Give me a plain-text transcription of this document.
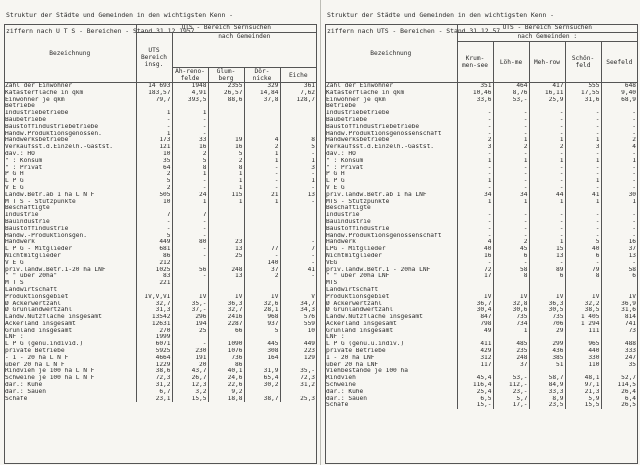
Struktur der Städte und Gemeinden in den wichtigsten Kenn -

ziffern nach U T S - Bereichen - Stand 31.12.1957

Bezeichnung	UTS - Bereich Sernsuchen				
	UTS Bereich insg.	nach Gemeinden			
		Ah-reno-felde	Glum-berg	Dör-nicke	Eiche
Zahl der Einwohner	14 693	1948	2355	329	361
Katasterfläche in qkm	183,57	4,91	26,57	14,84	7,62
Einwohner je qkm	79,7	393,5	88,6	37,8	128,7
Betriebe					
Industriebetriebe	1	1			
Baubetriebe	-	-			
Baustoffindustriebetriebe	-	-			
Handw.Produktionsgenossen.	1	-			
Handwerksbetriebe	173	33	19	4	8
Verkaufsst.d.Einzelh.-Gastst.	121	16	16	2	5
dav.: HO	10	2	5	1	-
" : Konsum	35	5	2	1	1
" : Privat	64	8	8	-	3
P G H	2	1	1	-	-
L P G	5	-	1	-	1
V E G	2	-	1	-	-
Landw.Betr.ab 1 ha L N F	505	24	115	21	13
M T S - Stützpunkte	10	1	1	1	-
Beschäftigte					
Industrie	7	7			
Bauindustrie	-	-			
Baustoffindustrie	-	-			
Handw.-Produktionsgen.	5	-			
Handwerk	449	80	23		-
L P G - Mitglieder	681	-	13	77	7
Nichtmitglieder	86	-	25	-	-
V E G	212			140	-
priv.landw.Betr.1-20 ha LNF	1025	56	248	37	41
" " über 20ha"	83	-	13	2	-
M T S	221				
Landwirtschaft					
Produktionsgebiet	IV,V,VI	IV	IV	IV	V
Ø Ackerwertzahl	32,7	35,-	36,3	32,6	34,7
Ø Grünlandwertzahl	31,3	37,-	32,7	28,1	34,3
Landw.Nutzfläche insgesamt	13542	296	2416	968	576
Ackerland insgesamt	12631	194	2287	937	559
Grünland insgesamt	270	25	66	5	10
LNF :	1999				
L P G (genu.individ.)	6071	-	1090	445	449
private Betriebe	5925	230	1076	308	223
- 1 - 20 ha L N F	4664	191	736	164	129
über 20 ha L N F	1229	20	86		
Rindvieh je 100 ha L N F	38,6	43,7	40,1	31,9	35,-
Schweine je 100 ha L N F	72,3	26,7	24,6	65,4	72,3
dar.: Kühe	31,2	12,3	22,6	30,2	31,2
dar.: Sauen	6,7	3,2	9,2		
Schafe	23,1	15,5	18,8	38,7	25,3

Struktur der Städte und Gemeinden in den wichtigsten Kenn -

ziffern nach UTS - Bereichen - Stand 31.12.57

Bezeichnung	UTS - Bereich Sernsuchen				
	nach Gemeinden :				
	Krum-men-see	Löh-me	Meh-row	Schön-feld	Seefeld
Zahl der Einwohner	351	464	417	555	648
Katasterfläche in qkm	10,46	8,76	16,11	17,55	9,40
Einwohner je qkm	33,6	53,-	25,9	31,6	68,9
Betriebe					
Industriebetriebe	-	-	-	-	-
Baubetriebe	-	-	-	-	-
Baustoffindustriebetriebe	-	-	-	-	-
Handw.Produktionsgenossenschaft	-	-	-	-	-
Handwerksbetriebe	2	1	1	1	2
Verkaufsst.d.Einzelh.-Gastst.	3	2	2	3	4
dav.: HO	-	-	-	-	-
" : Konsum	1	1	1	1	1
" : Privat	-	-	-	-	-
P G H	-	-	-	-	-
L P G	1	-	-	1	-
V E G	-	-	-	-	-
priv.landw.Betr.ab 1 ha LNF	34	34	44	41	30
MTS - Stützpunkte	1	1	1	1	1
Beschäftigte					
Industrie	-	-	-	-	-
Bauindustrie	-	-	-	-	-
Baustoffindustrie	-	-	-	-	-
Handw.Produktionsgenossenschaft	-	-	-	-	-
Handwerk	4	2	1	5	16
LPG - Mitglieder	40	45	15	40	37
Nichtmitglieder	16	6	13	6	13
VEG	-	-	-	-	-
priv.landw.Betr.1 - 20ha LNF	72	58	89	79	58
" " über 20ha LNF	17	8	6	8	6
MTS					
Landwirtschaft					
Produktionsgebiet	IV	IV	IV	IV	IV
Ø Ackerwertzahl	36,7	32,8	36,3	32,2	36,9
Ø Grünlandwertzahl	30,4	30,6	30,5	38,5	31,6
Landw.Nutzfläche insgesamt	847	735	735	1 405	814
Ackerland insgesamt	798	734	706	1 294	741
Grünland insgesamt	49	1	29	111	73
LNF :					
L P G (genu.u.indiv.)	411	485	299	965	488
private Betriebe	429	235	436	440	333
1 - 20 ha LNF	312	248	385	330	247
über 20 ha LNF	117	37	51	110	35
Viehbestände je 100 ha					
Rindvieh	45,4	53,-	58,7	48,1	52,7
Schweine	116,4	112,-	84,9	97,1	114,5
dar.: Kühe	25,4	23,-	33,3	21,3	26,4
dar.: Sauen	6,5	5,7	8,9	5,9	6,4
Schafe	15,-	17,-	23,5	15,5	26,5
